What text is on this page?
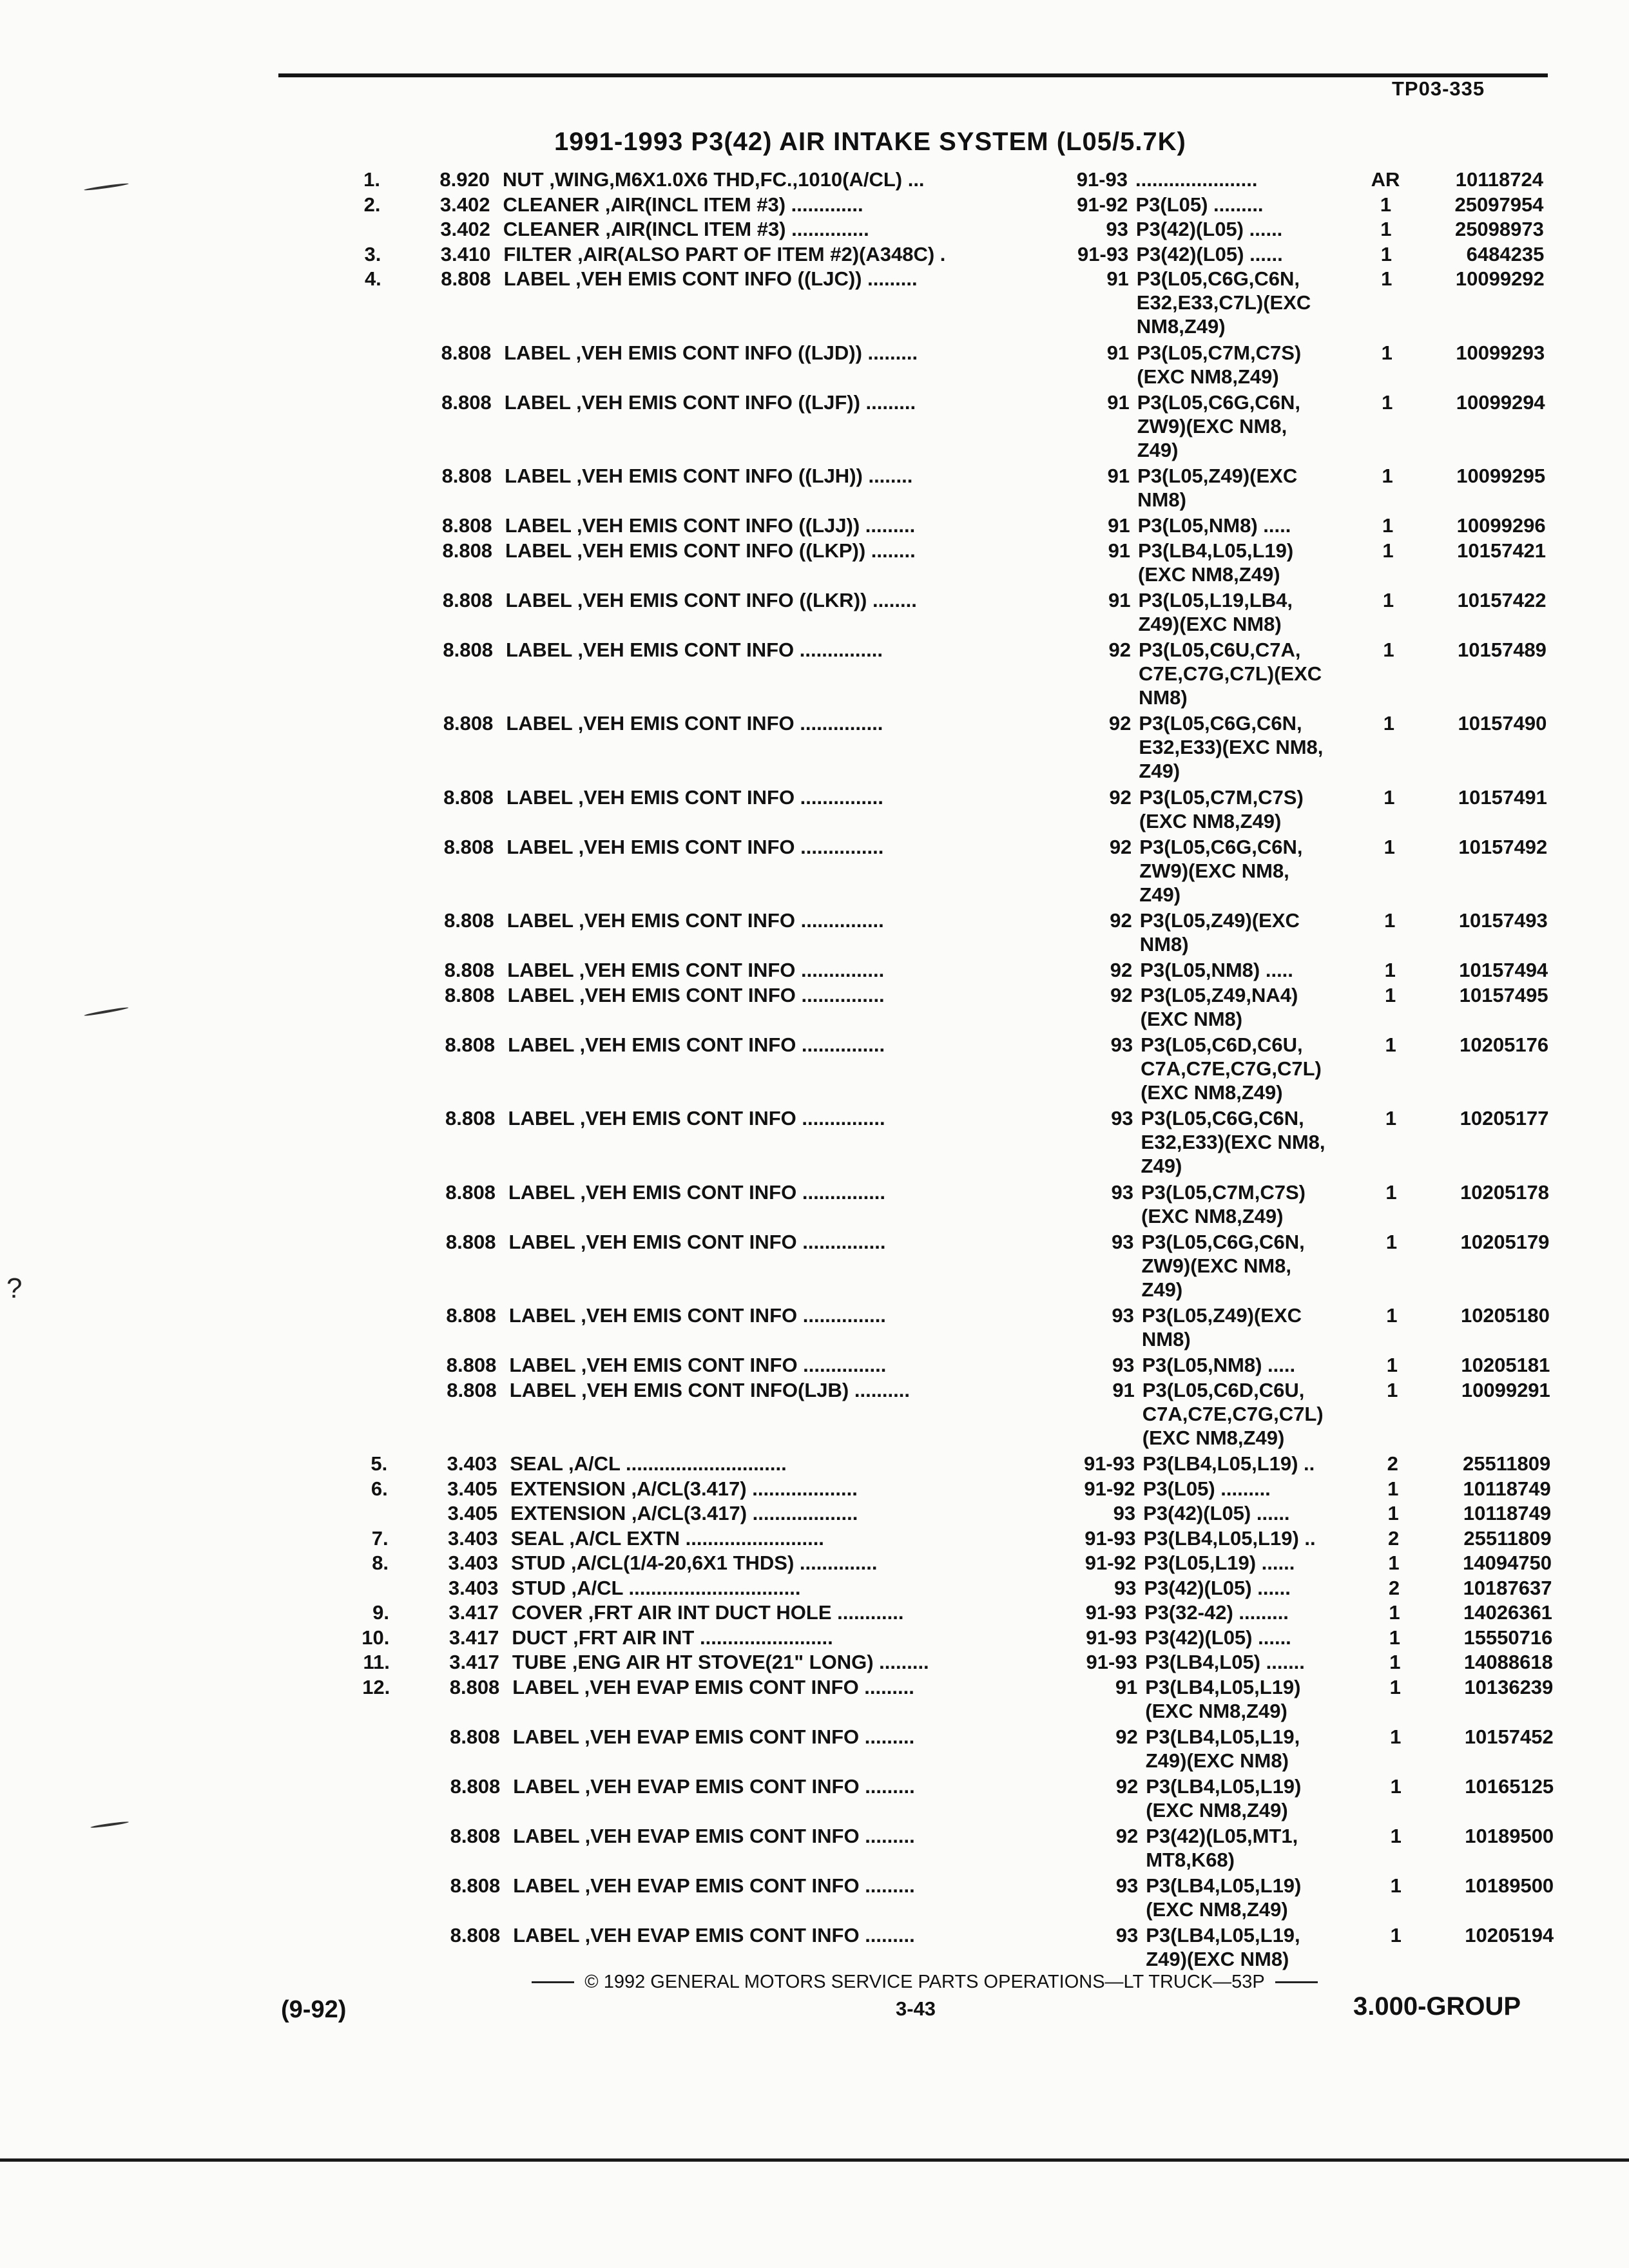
TP03-335
1991-1993 P3(42) AIR INTAKE SYSTEM (L05/5.7K)
?
1.	8.920 NUT ,WING,M6X1.0X6 THD,FC.,1010(A/CL) ...	91-93 ......................	AR	10118724
2.	3.402 CLEANER ,AIR(INCL ITEM #3) .............	91-92 P3(L05) .........	1	25097954
3.402 CLEANER ,AIR(INCL ITEM #3) ..............	93 P3(42)(L05) ......	1	25098973
3.	3.410 FILTER ,AIR(ALSO PART OF ITEM #2)(A348C) .	91-93 P3(42)(L05) ......	1	6484235
4.	8.808 LABEL ,VEH EMIS CONT INFO ((LJC)) .........	91 P3(L05,C6G,C6N,
E32,E33,C7L)(EXC
NM8,Z49)
1	10099292
8.808 LABEL ,VEH EMIS CONT INFO ((LJD)) .........	91 P3(L05,C7M,C7S)
(EXC NM8,Z49)
1	10099293
8.808 LABEL ,VEH EMIS CONT INFO ((LJF)) .........	91 P3(L05,C6G,C6N,
ZW9)(EXC NM8,
Z49)
1	10099294
8.808 LABEL ,VEH EMIS CONT INFO ((LJH)) ........	91 P3(L05,Z49)(EXC
NM8)
1	10099295
8.808 LABEL ,VEH EMIS CONT INFO ((LJJ)) .........	91 P3(L05,NM8) .....	1	10099296
8.808 LABEL ,VEH EMIS CONT INFO ((LKP)) ........	91 P3(LB4,L05,L19)
(EXC NM8,Z49)
1	10157421
8.808 LABEL ,VEH EMIS CONT INFO ((LKR)) ........	91 P3(L05,L19,LB4,
Z49)(EXC NM8)
1	10157422
8.808 LABEL ,VEH EMIS CONT INFO ...............	92 P3(L05,C6U,C7A,
C7E,C7G,C7L)(EXC
NM8)
1	10157489
8.808 LABEL ,VEH EMIS CONT INFO ...............	92 P3(L05,C6G,C6N,
E32,E33)(EXC NM8,
Z49)
1	10157490
8.808 LABEL ,VEH EMIS CONT INFO ...............	92 P3(L05,C7M,C7S)
(EXC NM8,Z49)
1	10157491
8.808 LABEL ,VEH EMIS CONT INFO ...............	92 P3(L05,C6G,C6N,
ZW9)(EXC NM8,
Z49)
1	10157492
8.808 LABEL ,VEH EMIS CONT INFO ...............	92 P3(L05,Z49)(EXC
NM8)
1	10157493
8.808 LABEL ,VEH EMIS CONT INFO ...............	92 P3(L05,NM8) .....	1	10157494
8.808 LABEL ,VEH EMIS CONT INFO ...............	92 P3(L05,Z49,NA4)
(EXC NM8)
1	10157495
8.808 LABEL ,VEH EMIS CONT INFO ...............	93 P3(L05,C6D,C6U,
C7A,C7E,C7G,C7L)
(EXC NM8,Z49)
1	10205176
8.808 LABEL ,VEH EMIS CONT INFO ...............	93 P3(L05,C6G,C6N,
E32,E33)(EXC NM8,
Z49)
1	10205177
8.808 LABEL ,VEH EMIS CONT INFO ...............	93 P3(L05,C7M,C7S)
(EXC NM8,Z49)
1	10205178
8.808 LABEL ,VEH EMIS CONT INFO ...............	93 P3(L05,C6G,C6N,
ZW9)(EXC NM8,
Z49)
1	10205179
8.808 LABEL ,VEH EMIS CONT INFO ...............	93 P3(L05,Z49)(EXC
NM8)
1	10205180
8.808 LABEL ,VEH EMIS CONT INFO ...............	93 P3(L05,NM8) .....	1	10205181
8.808 LABEL ,VEH EMIS CONT INFO(LJB) ..........	91 P3(L05,C6D,C6U,
C7A,C7E,C7G,C7L)
(EXC NM8,Z49)
1	10099291
5.	3.403 SEAL ,A/CL .............................	91-93 P3(LB4,L05,L19) ..	2	25511809
6.	3.405 EXTENSION ,A/CL(3.417) ...................	91-92 P3(L05) .........	1	10118749
3.405 EXTENSION ,A/CL(3.417) ...................	93 P3(42)(L05) ......	1	10118749
7.	3.403 SEAL ,A/CL EXTN .........................	91-93 P3(LB4,L05,L19) ..	2	25511809
8.	3.403 STUD ,A/CL(1/4-20,6X1 THDS) ..............	91-92 P3(L05,L19) ......	1	14094750
3.403 STUD ,A/CL ...............................	93 P3(42)(L05) ......	2	10187637
9.	3.417 COVER ,FRT AIR INT DUCT HOLE ............	91-93 P3(32-42) .........	1	14026361
10.	3.417 DUCT ,FRT AIR INT ........................	91-93 P3(42)(L05) ......	1	15550716
11.	3.417 TUBE ,ENG AIR HT STOVE(21" LONG) .........	91-93 P3(LB4,L05) .......	1	14088618
12.	8.808 LABEL ,VEH EVAP EMIS CONT INFO .........	91 P3(LB4,L05,L19)
(EXC NM8,Z49)
1	10136239
8.808 LABEL ,VEH EVAP EMIS CONT INFO .........	92 P3(LB4,L05,L19,
Z49)(EXC NM8)
1	10157452
8.808 LABEL ,VEH EVAP EMIS CONT INFO .........	92 P3(LB4,L05,L19)
(EXC NM8,Z49)
1	10165125
8.808 LABEL ,VEH EVAP EMIS CONT INFO .........	92 P3(42)(L05,MT1,
MT8,K68)
1	10189500
8.808 LABEL ,VEH EVAP EMIS CONT INFO .........	93 P3(LB4,L05,L19)
(EXC NM8,Z49)
1	10189500
8.808 LABEL ,VEH EVAP EMIS CONT INFO .........	93 P3(LB4,L05,L19,
Z49)(EXC NM8)
1	10205194
© 1992 GENERAL MOTORS SERVICE PARTS OPERATIONS—LT TRUCK—53P
(9-92)	3-43	3.000-GROUP
